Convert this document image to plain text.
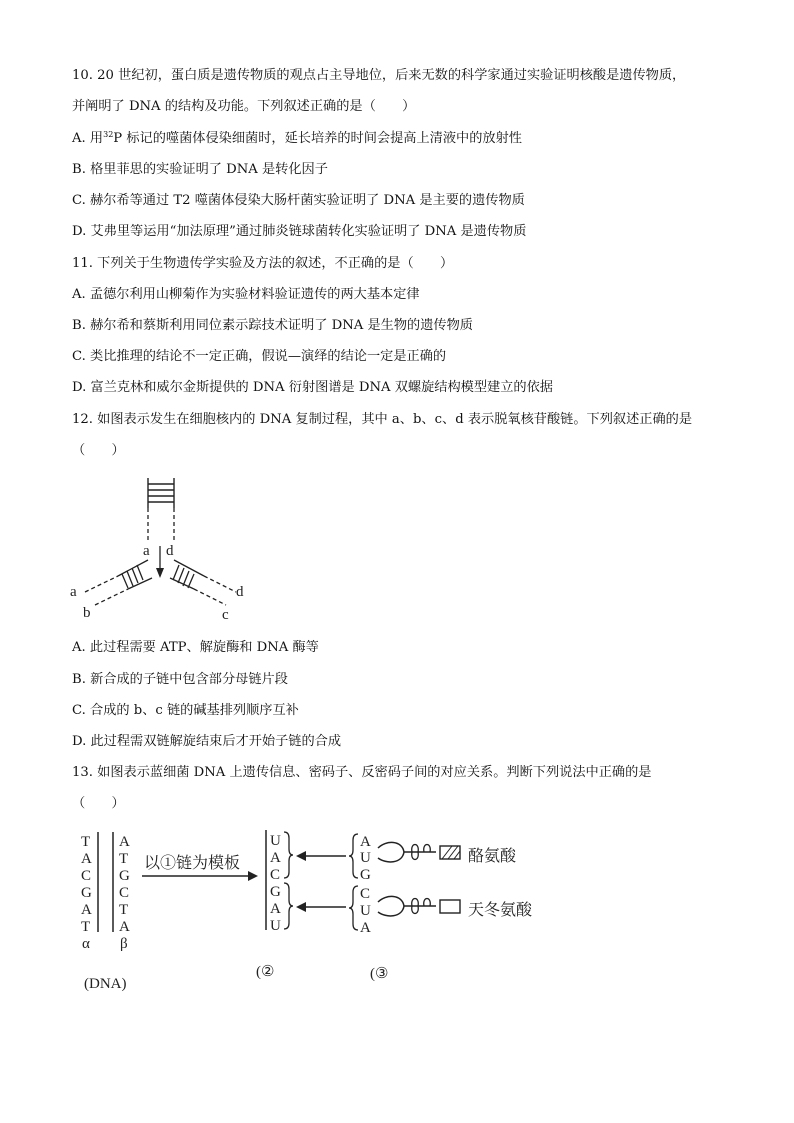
10. 20 世纪初，蛋白质是遗传物质的观点占主导地位，后来无数的科学家通过实验证明核酸是遗传物质，
并阐明了 DNA 的结构及功能。下列叙述正确的是（　　）
A. 用$^{32}$P 标记的噬菌体侵染细菌时，延长培养的时间会提高上清液中的放射性
B. 格里菲思的实验证明了 DNA 是转化因子
C. 赫尔希等通过 T2 噬菌体侵染大肠杆菌实验证明了 DNA 是主要的遗传物质
D. 艾弗里等运用“加法原理”通过肺炎链球菌转化实验证明了 DNA 是遗传物质
11. 下列关于生物遗传学实验及方法的叙述，不正确的是（　　）
A. 孟德尔利用山柳菊作为实验材料验证遗传的两大基本定律
B. 赫尔希和蔡斯利用同位素示踪技术证明了 DNA 是生物的遗传物质
C. 类比推理的结论不一定正确，假说—演绎的结论一定是正确的
D. 富兰克林和威尔金斯提供的 DNA 衍射图谱是 DNA 双螺旋结构模型建立的依据
12. 如图表示发生在细胞核内的 DNA 复制过程，其中 a、b、c、d 表示脱氧核苷酸链。下列叙述正确的是
（　　）
a d
a
b
d
c
A. 此过程需要 ATP、解旋酶和 DNA 酶等
B. 新合成的子链中包含部分母链片段
C. 合成的 b、c 链的碱基排列顺序互补
D. 此过程需双链解旋结束后才开始子链的合成
13. 如图表示蓝细菌 DNA 上遗传信息、密码子、反密码子间的对应关系。判断下列说法中正确的是
（　　）
T
A
C
G
A
T
α
A
T
G
C
T
A
β
(DNA)
以①链为模板
U
A
C
G
A
U
(②
A
U
G
酪氨酸
C
U
A
天冬氨酸
(③
